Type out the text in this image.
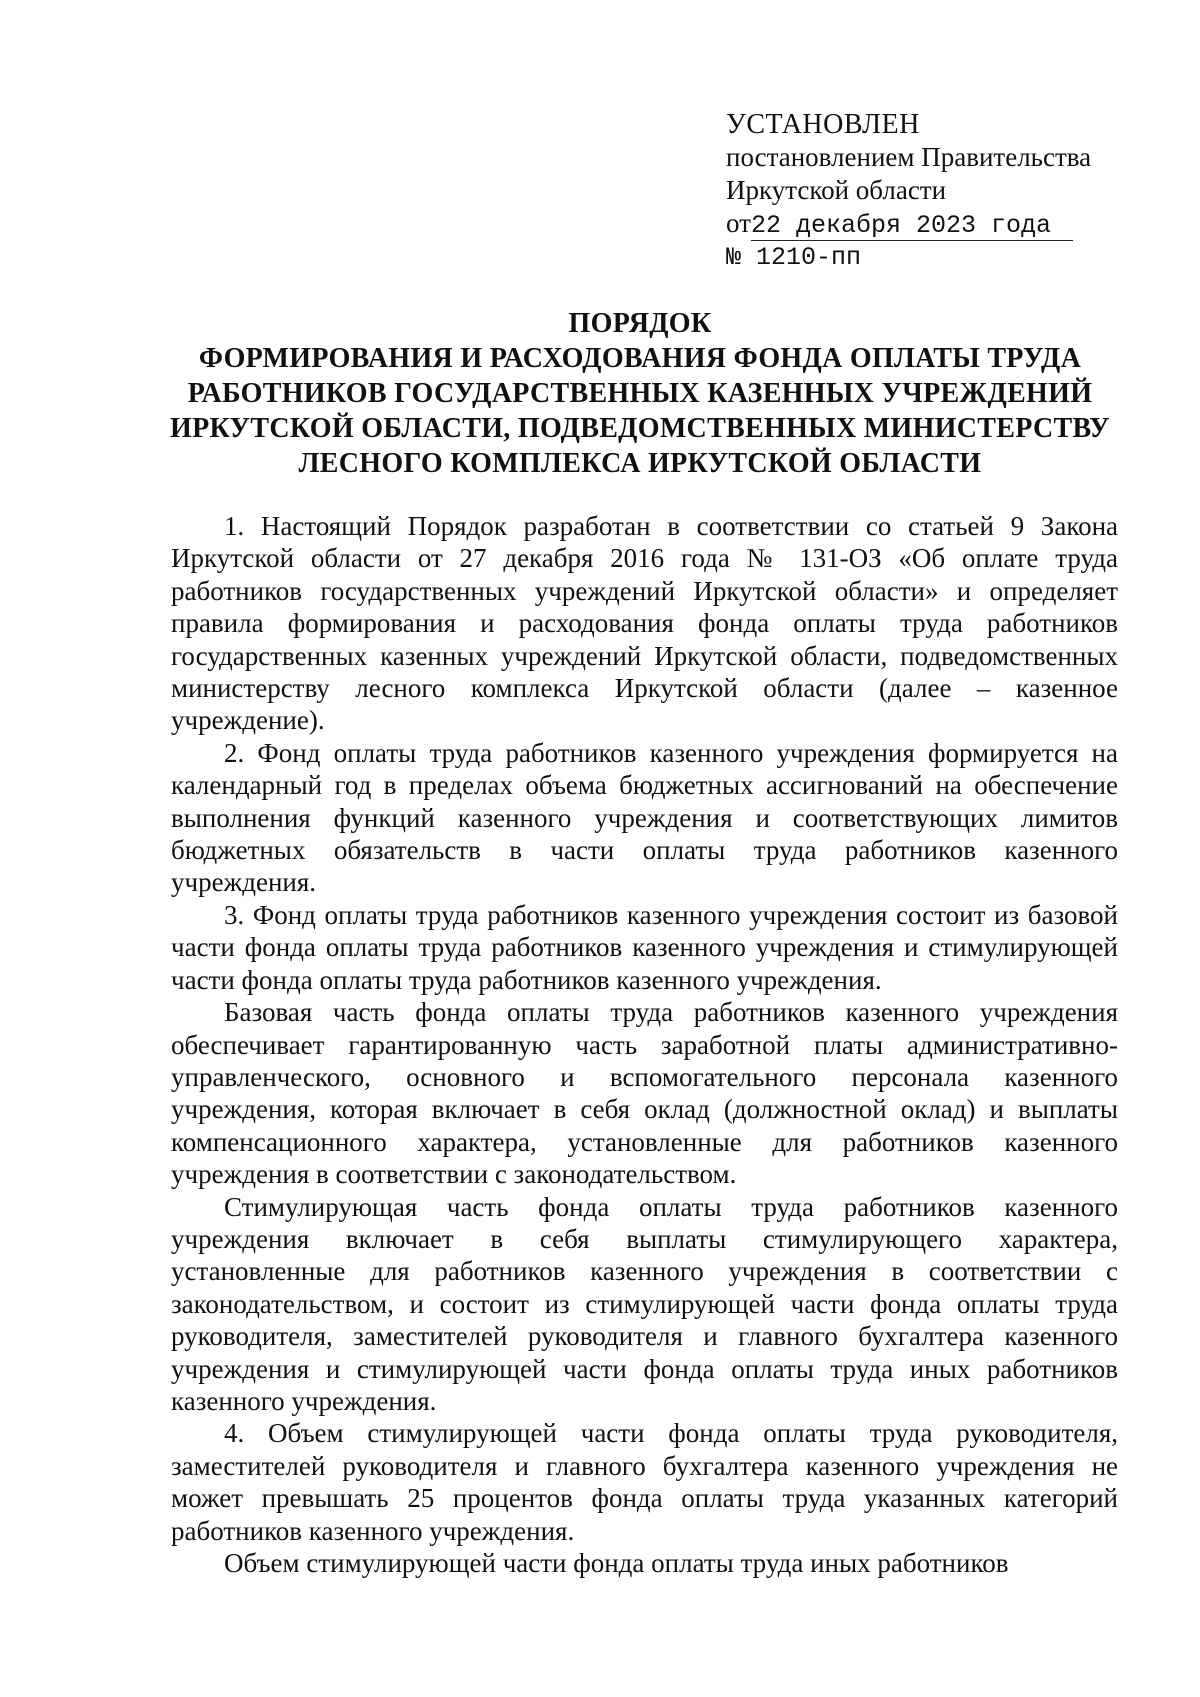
УСТАНОВЛЕН
постановлением Правительства
Иркутской области
от22 декабря 2023 года
№ 1210-пп
ПОРЯДОК
ФОРМИРОВАНИЯ И РАСХОДОВАНИЯ ФОНДА ОПЛАТЫ ТРУДА
РАБОТНИКОВ ГОСУДАРСТВЕННЫХ КАЗЕННЫХ УЧРЕЖДЕНИЙ
ИРКУТСКОЙ ОБЛАСТИ, ПОДВЕДОМСТВЕННЫХ МИНИСТЕРСТВУ
ЛЕСНОГО КОМПЛЕКСА ИРКУТСКОЙ ОБЛАСТИ

1. Настоящий Порядок разработан в соответствии со статьей 9 Закона Иркутской области от 27 декабря 2016 года № 131-ОЗ «Об оплате труда работников государственных учреждений Иркутской области» и определяет правила формирования и расходования фонда оплаты труда работников государственных казенных учреждений Иркутской области, подведомственных министерству лесного комплекса Иркутской области (далее – казенное учреждение).

2. Фонд оплаты труда работников казенного учреждения формируется на календарный год в пределах объема бюджетных ассигнований на обеспечение выполнения функций казенного учреждения и соответствующих лимитов бюджетных обязательств в части оплаты труда работников казенного учреждения.

3. Фонд оплаты труда работников казенного учреждения состоит из базовой части фонда оплаты труда работников казенного учреждения и стимулирующей части фонда оплаты труда работников казенного учреждения.

Базовая часть фонда оплаты труда работников казенного учреждения обеспечивает гарантированную часть заработной платы административно-управленческого, основного и вспомогательного персонала казенного учреждения, которая включает в себя оклад (должностной оклад) и выплаты компенсационного характера, установленные для работников казенного учреждения в соответствии с законодательством.

Стимулирующая часть фонда оплаты труда работников казенного учреждения включает в себя выплаты стимулирующего характера, установленные для работников казенного учреждения в соответствии с законодательством, и состоит из стимулирующей части фонда оплаты труда руководителя, заместителей руководителя и главного бухгалтера казенного учреждения и стимулирующей части фонда оплаты труда иных работников казенного учреждения.

4. Объем стимулирующей части фонда оплаты труда руководителя, заместителей руководителя и главного бухгалтера казенного учреждения не может превышать 25 процентов фонда оплаты труда указанных категорий работников казенного учреждения.

Объем стимулирующей части фонда оплаты труда иных работников
